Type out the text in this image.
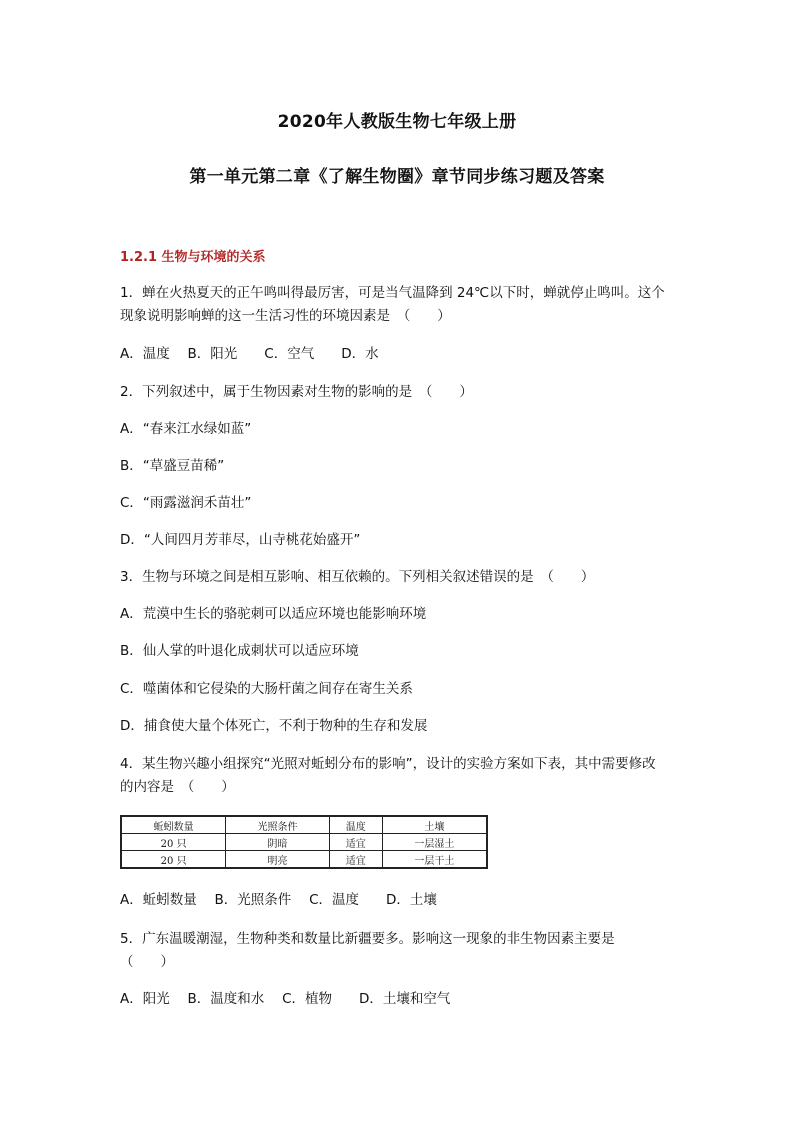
2020年人教版生物七年级上册
第一单元第二章《了解生物圈》章节同步练习题及答案
1.2.1 生物与环境的关系
1．蝉在火热夏天的正午鸣叫得最厉害，可是当气温降到 24℃以下时，蝉就停止鸣叫。这个
现象说明影响蝉的这一生活习性的环境因素是　（　　）
A．温度　 B．阳光　　C．空气　　D．水
2．下列叙述中，属于生物因素对生物的影响的是　（　　）
A．“春来江水绿如蓝”
B．“草盛豆苗稀”
C．“雨露滋润禾苗壮”
D．“人间四月芳菲尽，山寺桃花始盛开”
3．生物与环境之间是相互影响、相互依赖的。下列相关叙述错误的是　（　　）
A．荒漠中生长的骆驼刺可以适应环境也能影响环境
B．仙人掌的叶退化成刺状可以适应环境
C．噬菌体和它侵染的大肠杆菌之间存在寄生关系
D．捕食使大量个体死亡，不利于物种的生存和发展
4．某生物兴趣小组探究“光照对蚯蚓分布的影响”，设计的实验方案如下表，其中需要修改
的内容是　（　　）
蚯蚓数量	光照条件	温度	土壤
20 只	阴暗	适宜	一层湿土
20 只	明亮	适宜	一层干土
A．蚯蚓数量　 B．光照条件　 C．温度　　D．土壤
5．广东温暖潮湿，生物种类和数量比新疆要多。影响这一现象的非生物因素主要是
（　　）
A．阳光　 B．温度和水　 C．植物　　D．土壤和空气
